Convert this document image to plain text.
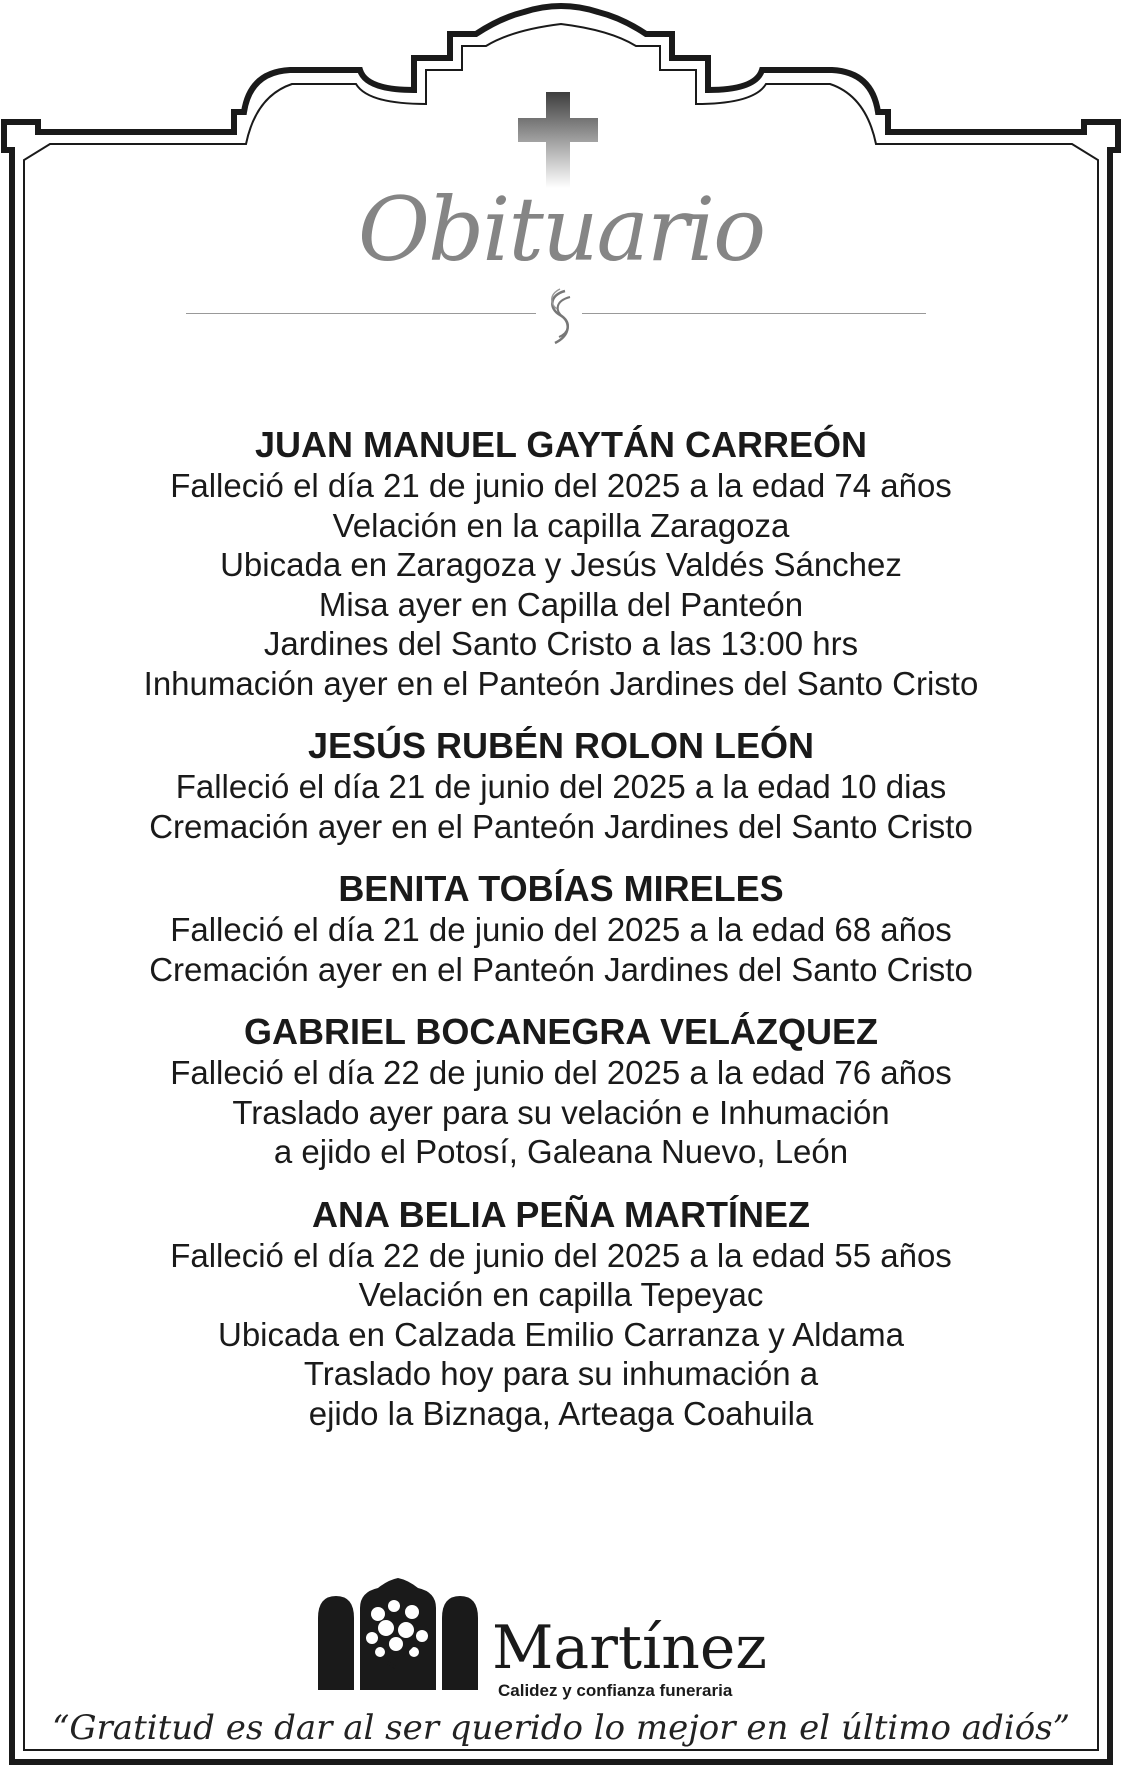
Obituario
JUAN MANUEL GAYTÁN CARREÓN
Falleció el día 21 de junio del 2025 a la edad 74 años
Velación en la capilla Zaragoza
Ubicada en Zaragoza y Jesús Valdés Sánchez
Misa ayer en Capilla del Panteón
Jardines del Santo Cristo a las 13:00 hrs
Inhumación ayer en el Panteón Jardines del Santo Cristo
JESÚS RUBÉN ROLON LEÓN
Falleció el día 21 de junio del 2025 a la edad 10 dias
Cremación ayer en el Panteón Jardines del Santo Cristo
BENITA TOBÍAS MIRELES
Falleció el día 21 de junio del 2025 a la edad 68 años
Cremación ayer en el Panteón Jardines del Santo Cristo
GABRIEL BOCANEGRA VELÁZQUEZ
Falleció el día 22 de junio del 2025 a la edad 76 años
Traslado ayer para su velación e Inhumación
a ejido el Potosí, Galeana Nuevo, León
ANA BELIA PEÑA MARTÍNEZ
Falleció el día 22 de junio del 2025 a la edad 55 años
Velación en capilla Tepeyac
Ubicada en Calzada Emilio Carranza y Aldama
Traslado hoy para su inhumación a
ejido la Biznaga, Arteaga Coahuila
Martínez
Calidez y confianza funeraria
“Gratitud es dar al ser querido lo mejor en el último adiós”
